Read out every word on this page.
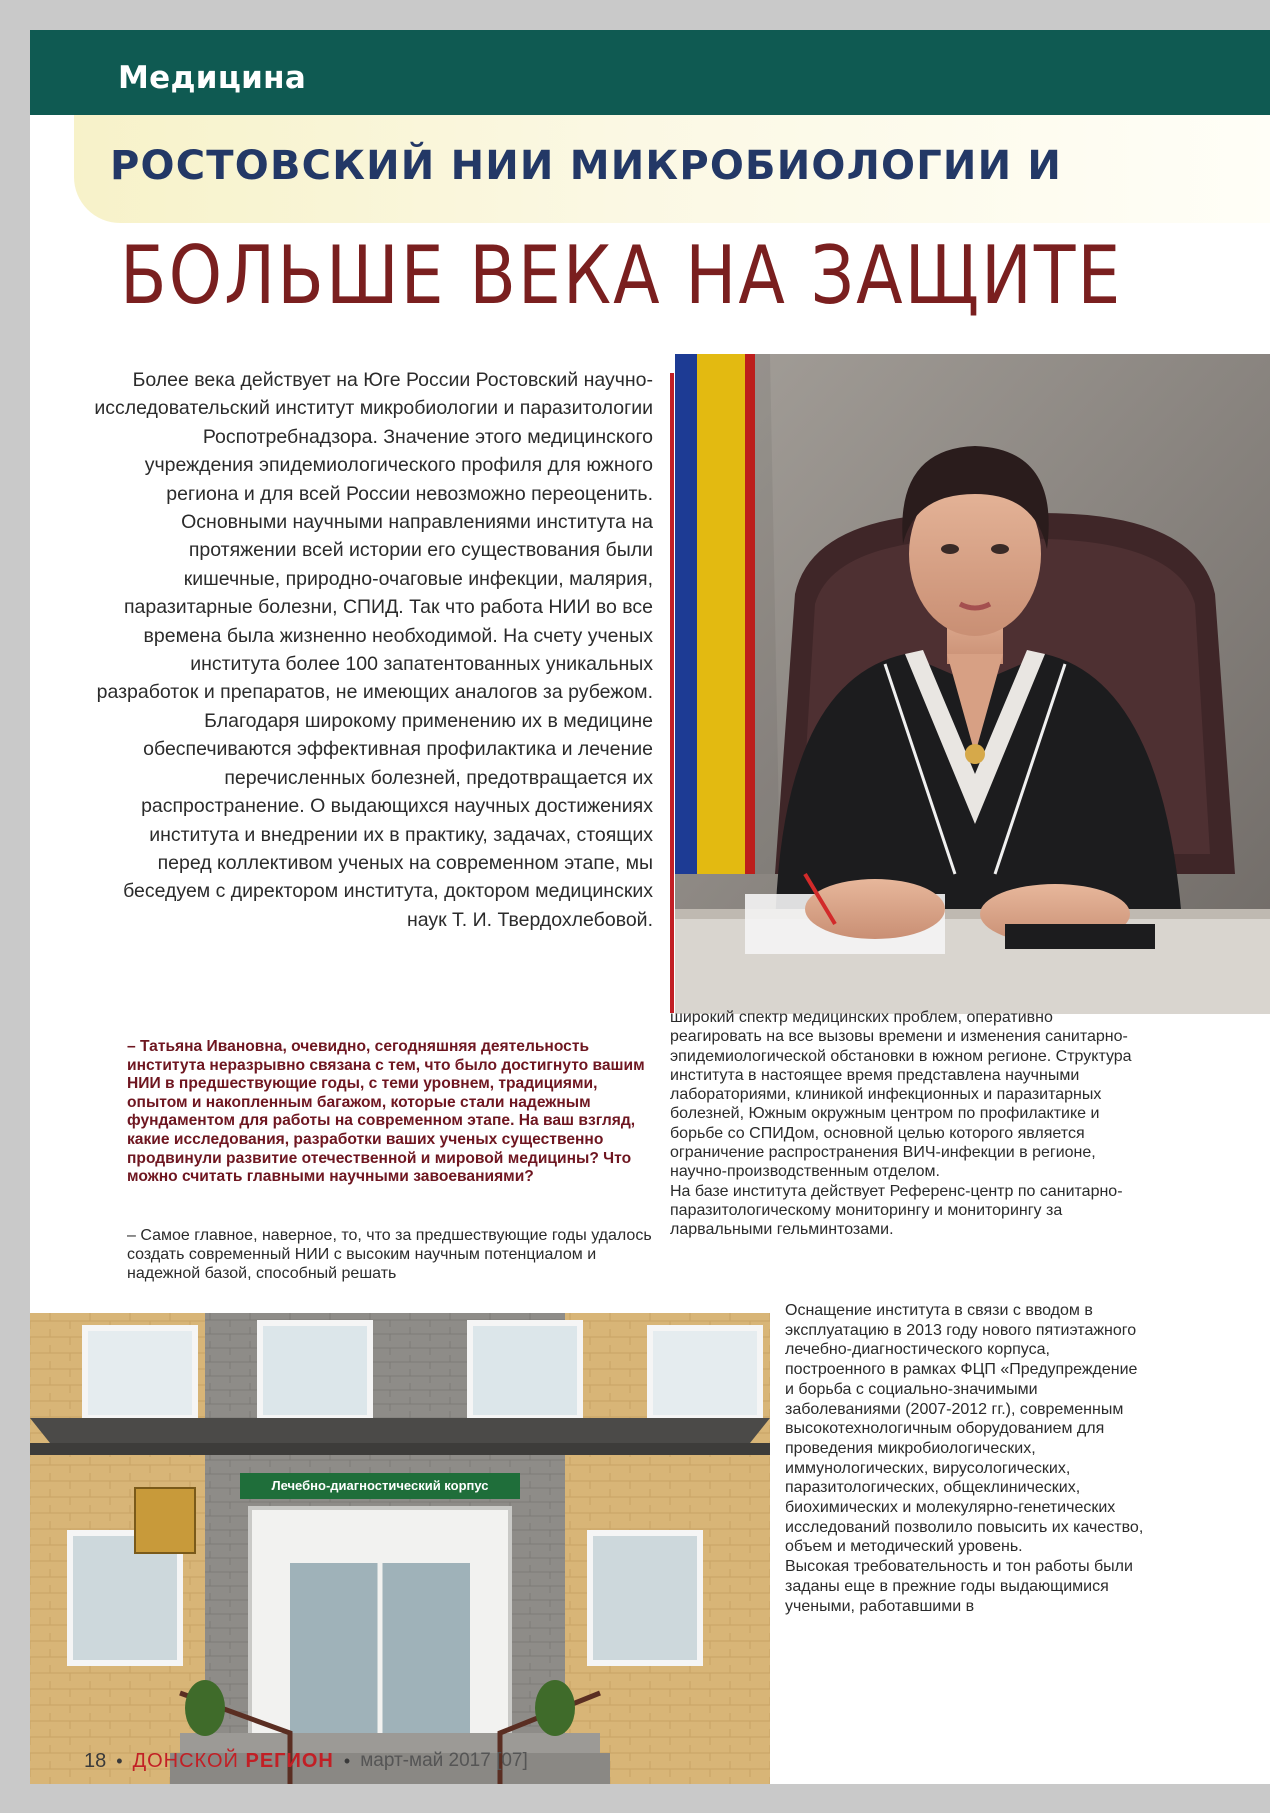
Медицина
РОСТОВСКИЙ НИИ МИКРОБИОЛОГИИ И
БОЛЬШЕ ВЕКА НА ЗАЩИТЕ
Более века действует на Юге России Ростовский научно-исследовательский институт микробиологии и паразитологии Роспотребнадзора. Значение этого медицинского учреждения эпидемиологического профиля для южного региона и для всей России невозможно переоценить. Основными научными направлениями института на протяжении всей истории его существования были кишечные, природно-очаговые инфекции, малярия, паразитарные болезни, СПИД. Так что работа НИИ во все времена была жизненно необходимой. На счету ученых института более 100 запатентованных уникальных разработок и препаратов, не имеющих аналогов за рубежом. Благодаря широкому применению их в медицине обеспечиваются эффективная профилактика и лечение перечисленных болезней, предотвращается их распространение. О выдающихся научных достижениях института и внедрении их в практику, задачах, стоящих перед коллективом ученых на современном этапе, мы беседуем с директором института, доктором медицинских наук Т. И. Твердохлебовой.
– Татьяна Ивановна, очевидно, сегодняшняя деятельность института неразрывно связана с тем, что было достигнуто вашим НИИ в предшествующие годы, с теми уровнем, традициями, опытом и накопленным багажом, которые стали надежным фундаментом для работы на современном этапе. На ваш взгляд, какие исследования, разработки ваших ученых существенно продвинули развитие отечественной и мировой медицины? Что можно считать главными научными завоеваниями?
– Самое главное, наверное, то, что за предшествующие годы удалось создать современный НИИ с высоким научным потенциалом и надежной базой, способный решать

широкий спектр медицинских проблем, оперативно реагировать на все вызовы времени и изменения санитарно-эпидемиологической обстановки в южном регионе. Структура института в настоящее время представлена научными лабораториями, клиникой инфекционных и паразитарных болезней, Южным окружным центром по профилактике и борьбе со СПИДом, основной целью которого является ограничение распространения ВИЧ-инфекции в регионе, научно-производственным отделом.

На базе института действует Референс-центр по санитарно-паразитологическому мониторингу и мониторингу за ларвальными гельминтозами.

Оснащение института в связи с вводом в эксплуатацию в 2013 году нового пятиэтажного лечебно-диагностического корпуса, построенного в рамках ФЦП «Предупреждение и борьба с социально-значимыми заболеваниями (2007-2012 гг.), современным высокотехнологичным оборудованием для проведения микробиологических, иммунологических, вирусологических, паразитологических, общеклинических, биохимических и молекулярно-генетических исследований позволило повысить их качество, объем и методический уровень.

Высокая требовательность и тон работы были заданы еще в прежние годы выдающимися учеными, работавшими в

Лечебно-диагностический корпус
18 • ДОНСКОЙ РЕГИОН • март-май 2017 [07]
